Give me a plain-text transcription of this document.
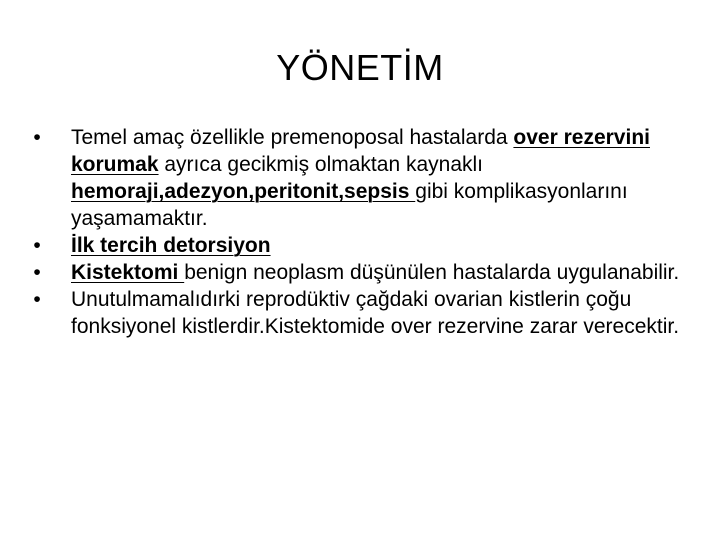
YÖNETİM
• Temel amaç özellikle premenoposal hastalarda over rezervini korumak ayrıca gecikmiş olmaktan kaynaklı hemoraji,adezyon,peritonit,sepsis gibi komplikasyonlarını yaşamamaktır.
• İlk tercih detorsiyon
• Kistektomi benign neoplasm düşünülen hastalarda uygulanabilir.
• Unutulmamalıdırki reprodüktiv çağdaki ovarian kistlerin çoğu fonksiyonel kistlerdir.Kistektomide over rezervine zarar verecektir.
